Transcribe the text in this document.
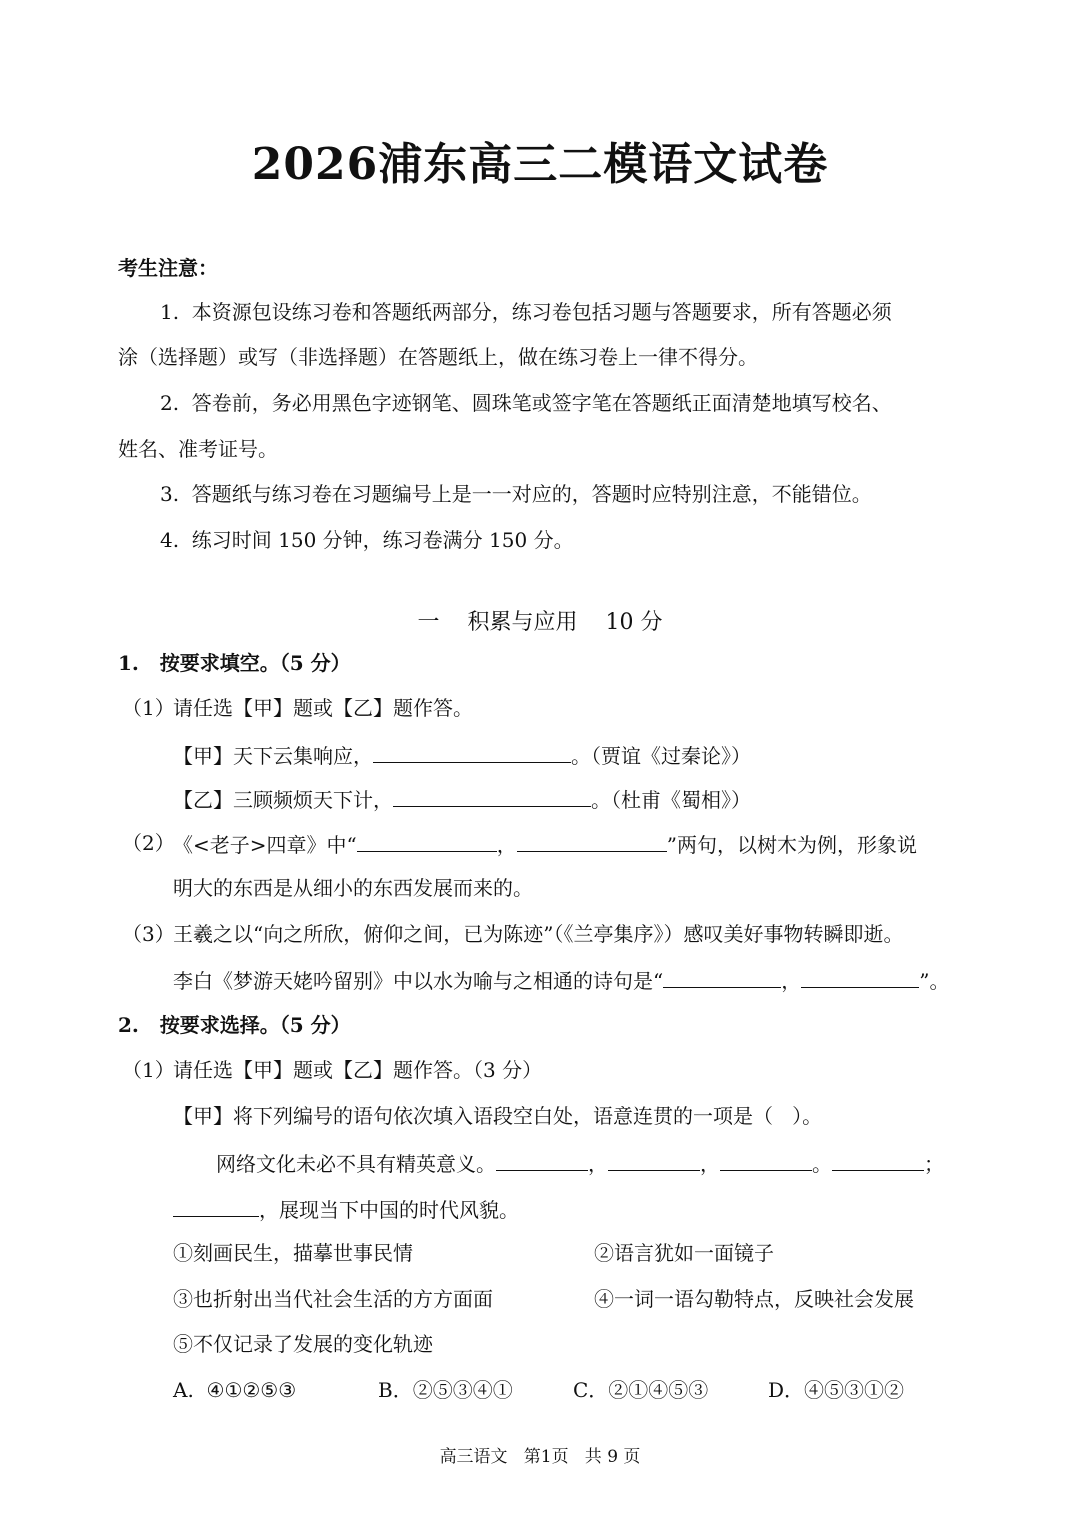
2026浦东高三二模语文试卷
考生注意：
1.  本资源包设练习卷和答题纸两部分，练习卷包括习题与答题要求，所有答题必须
涂（选择题）或写（非选择题）在答题纸上，做在练习卷上一律不得分。
2.  答卷前，务必用黑色字迹钢笔、圆珠笔或签字笔在答题纸正面清楚地填写校名、
姓名、准考证号。
3.  答题纸与练习卷在习题编号上是一一对应的，答题时应特别注意，不能错位。
4.  练习时间 150 分钟，练习卷满分 150 分。
一    积累与应用    10 分
1.   按要求填空。（5 分）
（1）
请任选【甲】题或【乙】题作答。
【甲】天下云集响应，	。（贾谊《过秦论》）
【乙】三顾频烦天下计，	。（杜甫《蜀相》）
（2）
《<老子>四章》中“	，	”两句，以树木为例，形象说
明大的东西是从细小的东西发展而来的。
（3）
王羲之以“向之所欣，俯仰之间，已为陈迹”（《兰亭集序》）感叹美好事物转瞬即逝。
李白《梦游天姥吟留别》中以水为喻与之相通的诗句是“	，	”。
2.   按要求选择。（5 分）
（1）
请任选【甲】题或【乙】题作答。（3 分）
【甲】将下列编号的语句依次填入语段空白处，语意连贯的一项是（   ）。
网络文化未必不具有精英意义。	，	，	。	；
，展现当下中国的时代风貌。
①刻画民生，描摹世事民情	②语言犹如一面镜子
③也折射出当代社会生活的方方面面	④一词一语勾勒特点，反映社会发展
⑤不仅记录了发展的变化轨迹
A.  ④①②⑤③	B．②⑤③④①	C．②①④⑤③	D．④⑤③①②
高三语文   第1页   共 9 页
